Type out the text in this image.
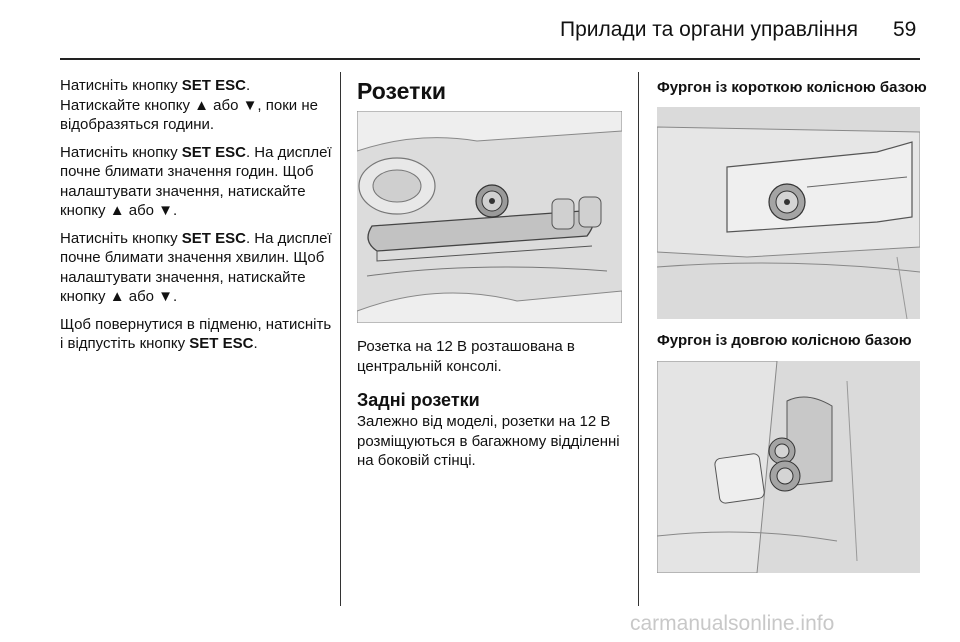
Прилади та органи управління 59

Натисніть кнопку SET ESC.
Натискайте кнопку ▲ або ▼, поки не відобразяться години.

Натисніть кнопку SET ESC. На дисплеї почне блимати значення годин. Щоб налаштувати значення, натискайте кнопку ▲ або ▼.

Натисніть кнопку SET ESC. На дисплеї почне блимати значення хвилин. Щоб налаштувати значення, натискайте кнопку ▲ або ▼.

Щоб повернутися в підменю, натисніть і відпустіть кнопку SET ESC.

Розетки

Розетка на 12 В розташована в центральній консолі.

Задні розетки

Залежно від моделі, розетки на 12 В розміщуються в багажному відділенні на боковій стінці.

Фургон із короткою колісною базою
Фургон із довгою колісною базою
carmanualsonline.info
